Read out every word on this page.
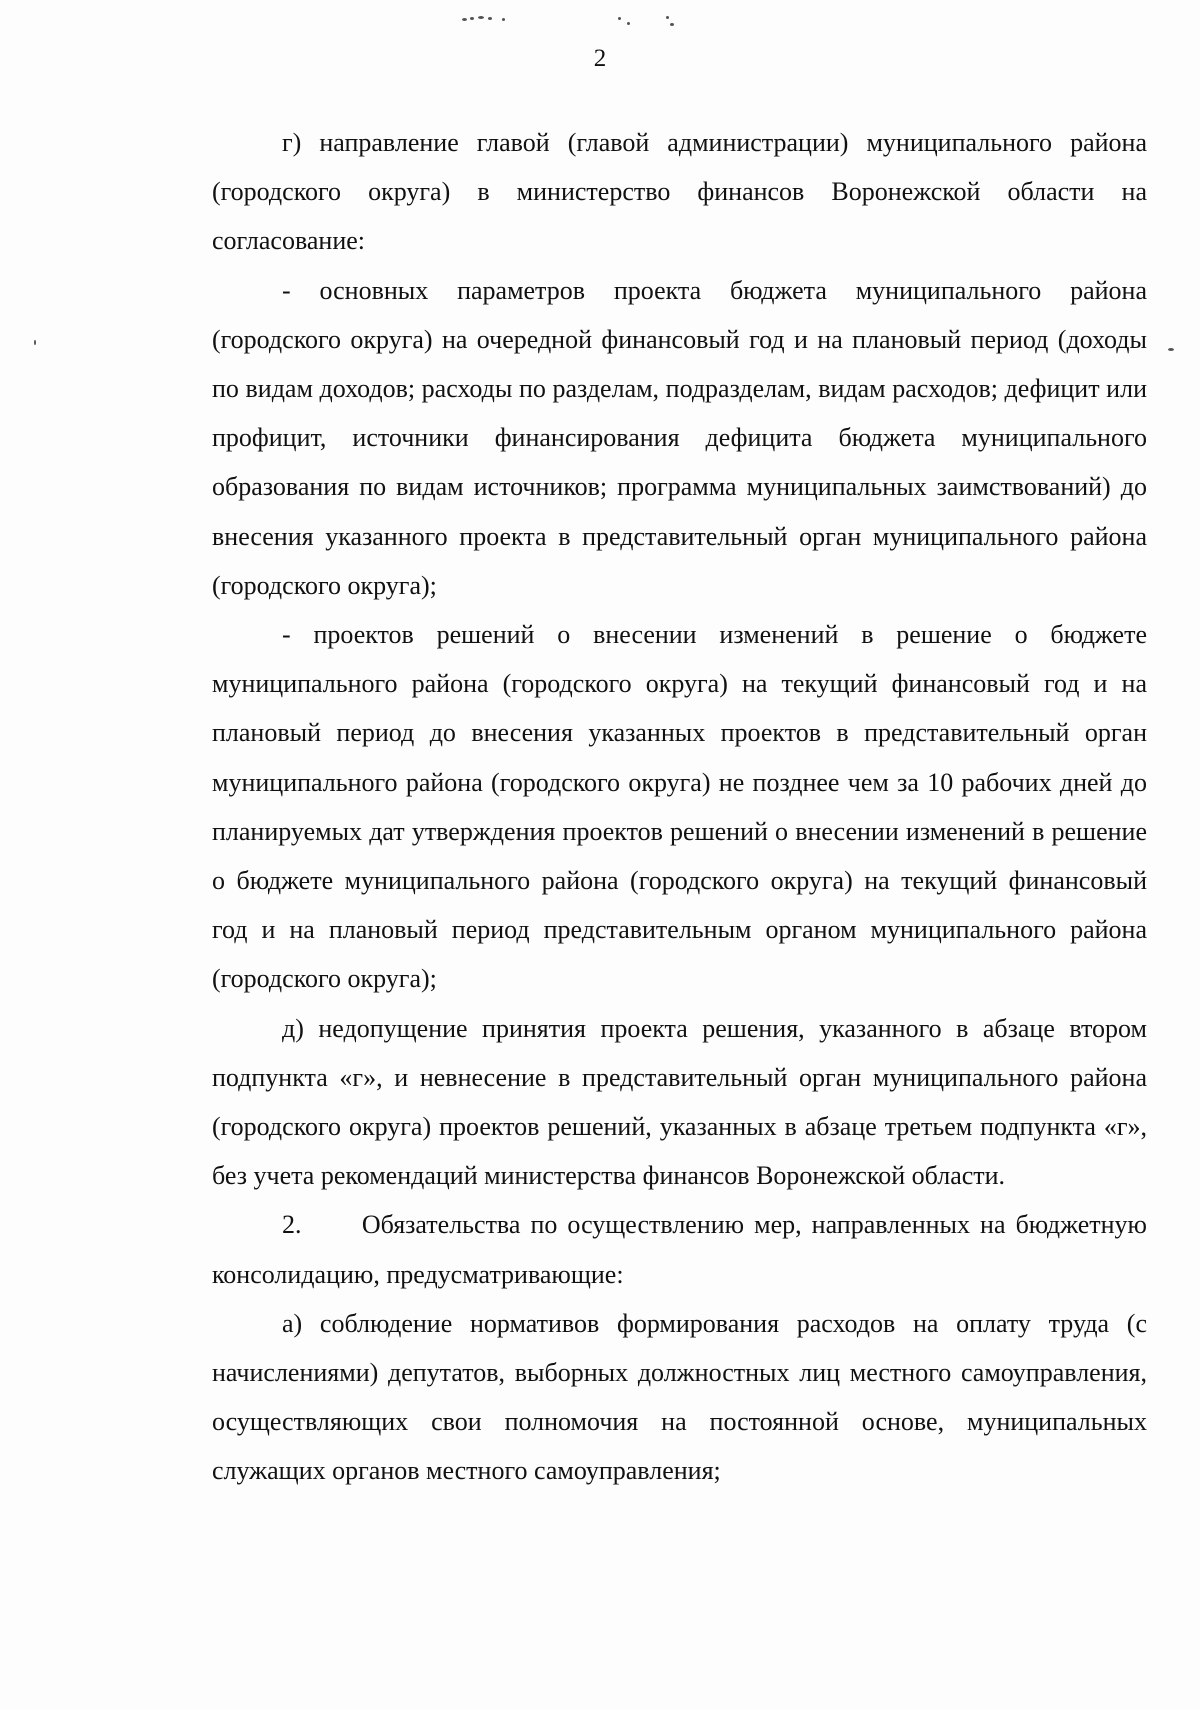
2

г) направление главой (главой администрации) муниципального района (городского округа) в министерство финансов Воронежской области на согласование:

- основных параметров проекта бюджета муниципального района (городского округа) на очередной финансовый год и на плановый период (доходы по видам доходов; расходы по разделам, подразделам, видам расходов; дефицит или профицит, источники финансирования дефицита бюджета муниципального образования по видам источников; программа муниципальных заимствований) до внесения указанного проекта в представительный орган муниципального района (городского округа);

- проектов решений о внесении изменений в решение о бюджете муниципального района (городского округа) на текущий финансовый год и на плановый период до внесения указанных проектов в представительный орган муниципального района (городского округа) не позднее чем за 10 рабочих дней до планируемых дат утверждения проектов решений о внесении изменений в решение о бюджете муниципального района (городского округа) на текущий финансовый год и на плановый период представительным органом муниципального района (городского округа);

д) недопущение принятия проекта решения, указанного в абзаце втором подпункта «г», и невнесение в представительный орган муниципального района (городского округа) проектов решений, указанных в абзаце третьем подпункта «г», без учета рекомендаций министерства финансов Воронежской области.

2.      Обязательства по осуществлению мер, направленных на бюджетную консолидацию, предусматривающие:

а) соблюдение нормативов формирования расходов на оплату труда (с начислениями) депутатов, выборных должностных лиц местного самоуправления, осуществляющих свои полномочия на постоянной основе, муниципальных служащих органов местного самоуправления;
